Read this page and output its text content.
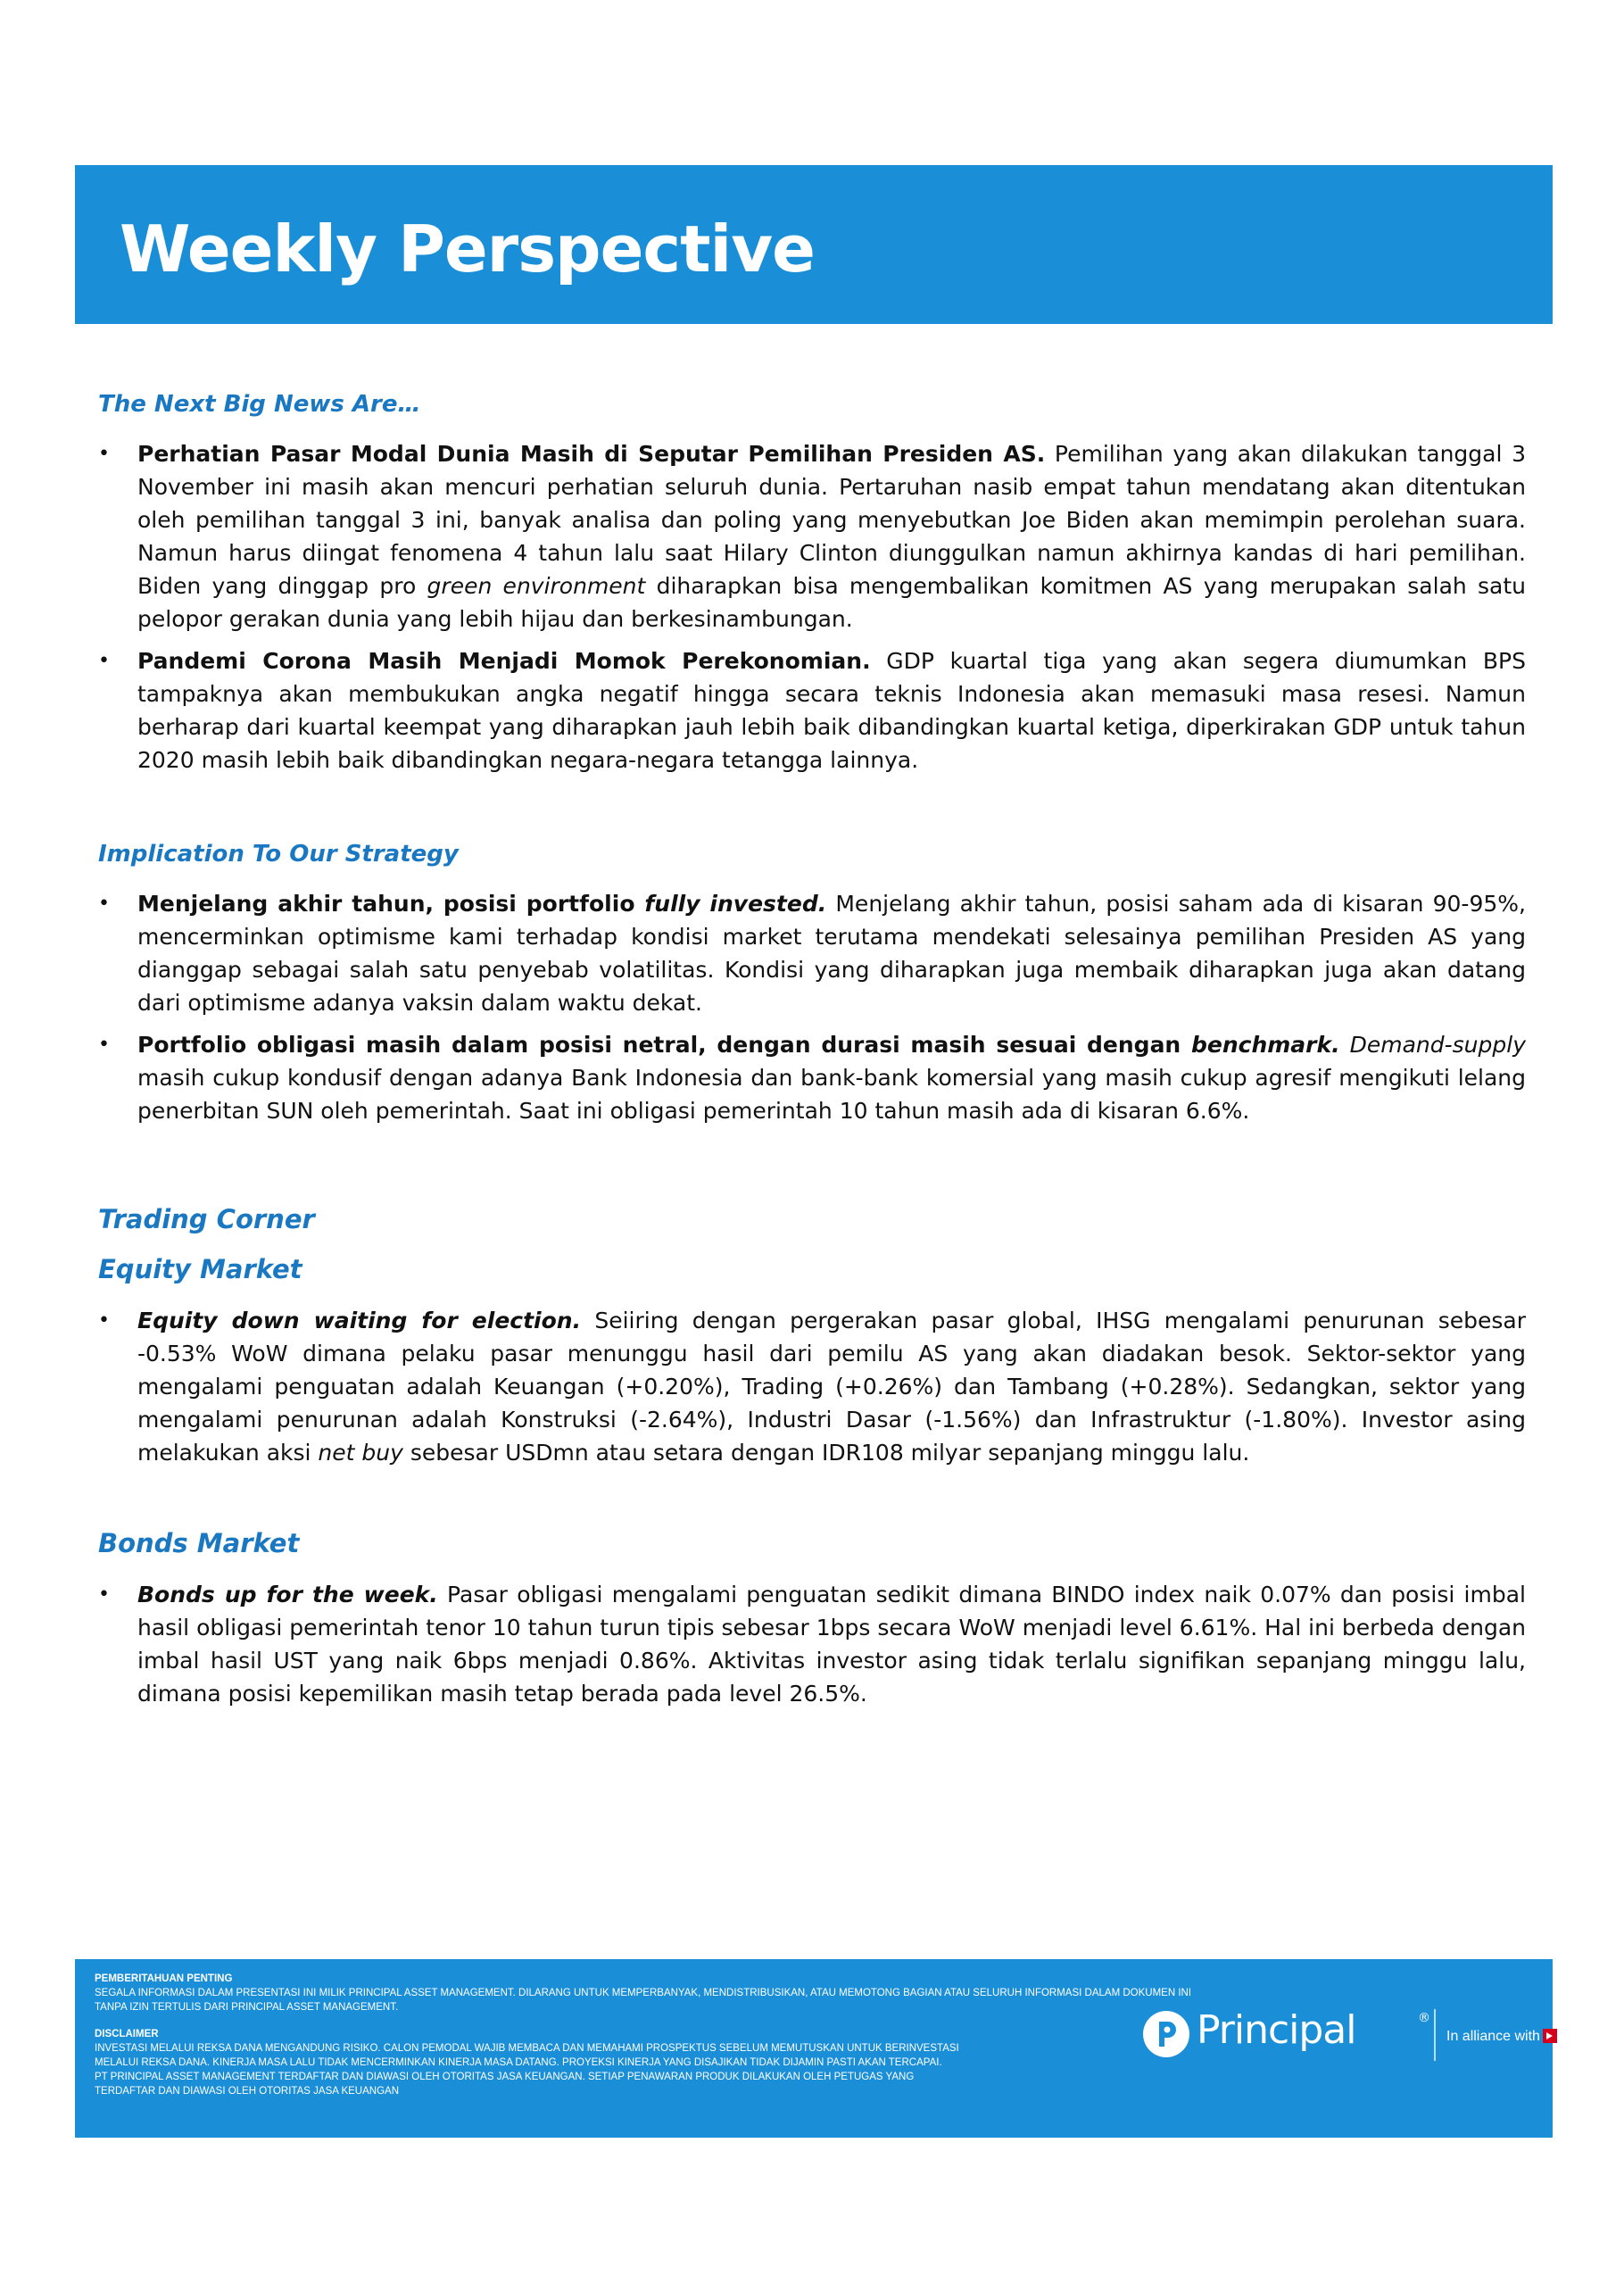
Weekly Perspective
The Next Big News Are…
•	Perhatian Pasar Modal Dunia Masih di Seputar Pemilihan Presiden AS. Pemilihan yang akan dilakukan tanggal 3 November ini masih akan mencuri perhatian seluruh dunia. Pertaruhan nasib empat tahun mendatang akan ditentukan oleh pemilihan tanggal 3 ini, banyak analisa dan poling yang menyebutkan Joe Biden akan memimpin perolehan suara. Namun harus diingat fenomena 4 tahun lalu saat Hilary Clinton diunggulkan namun akhirnya kandas di hari pemilihan. Biden yang dinggap pro green environment diharapkan bisa mengembalikan komitmen AS yang merupakan salah satu pelopor gerakan dunia yang lebih hijau dan berkesinambungan.
•	Pandemi Corona Masih Menjadi Momok Perekonomian. GDP kuartal tiga yang akan segera diumumkan BPS tampaknya akan membukukan angka negatif hingga secara teknis Indonesia akan memasuki masa resesi. Namun berharap dari kuartal keempat yang diharapkan jauh lebih baik dibandingkan kuartal ketiga, diperkirakan GDP untuk tahun 2020 masih lebih baik dibandingkan negara-negara tetangga lainnya.
Implication To Our Strategy
•	Menjelang akhir tahun, posisi portfolio fully invested. Menjelang akhir tahun, posisi saham ada di kisaran 90-95%, mencerminkan optimisme kami terhadap kondisi market terutama mendekati selesainya pemilihan Presiden AS yang dianggap sebagai salah satu penyebab volatilitas. Kondisi yang diharapkan juga membaik diharapkan juga akan datang dari optimisme adanya vaksin dalam waktu dekat.
•	Portfolio obligasi masih dalam posisi netral, dengan durasi masih sesuai dengan benchmark. Demand-supply masih cukup kondusif dengan adanya Bank Indonesia dan bank-bank komersial yang masih cukup agresif mengikuti lelang penerbitan SUN oleh pemerintah. Saat ini obligasi pemerintah 10 tahun masih ada di kisaran 6.6%.
Trading Corner
Equity Market
•	Equity down waiting for election. Seiiring dengan pergerakan pasar global, IHSG mengalami penurunan sebesar -0.53% WoW dimana pelaku pasar menunggu hasil dari pemilu AS yang akan diadakan besok. Sektor-sektor yang mengalami penguatan adalah Keuangan (+0.20%), Trading (+0.26%) dan Tambang (+0.28%). Sedangkan, sektor yang mengalami penurunan adalah Konstruksi (-2.64%), Industri Dasar (-1.56%) dan Infrastruktur (-1.80%). Investor asing melakukan aksi net buy sebesar USDmn atau setara dengan IDR108 milyar sepanjang minggu lalu.
Bonds Market
•	Bonds up for the week. Pasar obligasi mengalami penguatan sedikit dimana BINDO index naik 0.07% dan posisi imbal hasil obligasi pemerintah tenor 10 tahun turun tipis sebesar 1bps secara WoW menjadi level 6.61%. Hal ini berbeda dengan imbal hasil UST yang naik 6bps menjadi 0.86%. Aktivitas investor asing tidak terlalu signifikan sepanjang minggu lalu, dimana posisi kepemilikan masih tetap berada pada level 26.5%.

PEMBERITAHUAN PENTING

SEGALA INFORMASI DALAM PRESENTASI INI MILIK PRINCIPAL ASSET MANAGEMENT. DILARANG UNTUK MEMPERBANYAK, MENDISTRIBUSIKAN, ATAU MEMOTONG BAGIAN ATAU SELURUH INFORMASI DALAM DOKUMEN INI TANPA IZIN TERTULIS DARI PRINCIPAL ASSET MANAGEMENT.

DISCLAIMER

INVESTASI MELALUI REKSA DANA MENGANDUNG RISIKO. CALON PEMODAL WAJIB MEMBACA DAN MEMAHAMI PROSPEKTUS SEBELUM MEMUTUSKAN UNTUK BERINVESTASI

MELALUI REKSA DANA. KINERJA MASA LALU TIDAK MENCERMINKAN KINERJA MASA DATANG. PROYEKSI KINERJA YANG DISAJIKAN TIDAK DIJAMIN PASTI AKAN TERCAPAI.

PT PRINCIPAL ASSET MANAGEMENT TERDAFTAR DAN DIAWASI OLEH OTORITAS JASA KEUANGAN. SETIAP PENAWARAN PRODUK DILAKUKAN OLEH PETUGAS YANG

TERDAFTAR DAN DIAWASI OLEH OTORITAS JASA KEUANGAN

Principal	®
In alliance with CIMB
